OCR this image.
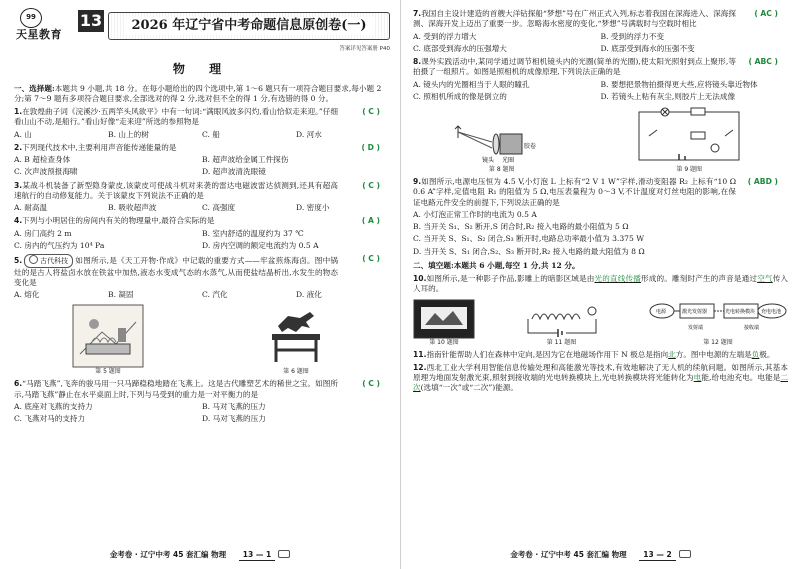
99
天星教育
13	2026 年辽宁省中考命题信息原创卷(一)
答案详见答案册 P40
物 理
一、选择题:本题共 9 小题,共 18 分。在每小题给出的四个选项中,第 1～6 题只有一项符合题目要求,每小题 2 分;第 7～9 题有多项符合题目要求,全部选对的得 2 分,选对但不全的得 1 分,有选错的得 0 分。
1.在敦煌曲子词《浣溪沙·五两竿头风欲平》中有一句词:“满眼风波多闪灼,看山恰似走来迎。”仔细看山山不动,是船行。”看山好像“走来迎”所选的参照物是
( C )
A. 山	B. 山上的树	C. 船	D. 河水
2.下列现代技术中,主要利用声音能传递能量的是	( D )
A. B 超检查身体	B. 超声波给金属工件探伤
C. 次声波预报海啸	D. 超声波清洗眼镜
3.某战斗机装备了新型隐身蒙皮,该蒙皮可使战斗机对来袭的雷达电磁波雷达侦测到,还具有超高速航行的自动修复能力。关于该蒙皮下列说法不正确的是
( C )
A. 耐高温	B. 吸收超声波	C. 高强度	D. 密度小
4.下列与小明居住的房间内有关的物理量中,最符合实际的是	( A )
A. 房门高约 2 m	B. 室内舒适的温度约为 37 ℃
C. 房内的气压约为 10⁴ Pa	D. 房内空调的额定电流约为 0.5 A
5.	古代科技 如图所示,是《天工开物·作成》中记载的重要方式——牢盆煎炼海卤。图中锅灶的是古人将盐卤水放在铁盆中加热,液态水变成气态的水蒸气,从而使盐结晶析出,水发生的物态变化是
( C )
A. 熔化	B. 凝固	C. 汽化	D. 液化
第 5 题图	第 6 题图
6.“马踏飞燕”,飞奔的骏马用一只马蹄稳稳地踏在飞燕上。这是古代雕塑艺术的稀世之宝。如图所示,马踏飞燕”静止在水平桌面上时,下列与马受到的重力是一对平衡力的是
( C )
A. 底座对飞燕的支持力	B. 马对飞燕的压力
C. 飞燕对马的支持力	D. 马对飞燕的压力
金考卷 · 辽宁中考 45 套汇编 物理 13 — 1
7.我国自主设计建造的首艘大洋钻探船“梦想”号在广州正式入列,标志着我国在深海进入、深海探测、深海开发上迈出了重要一步。忽略海水密度的变化,“梦想”号满载时与空载时相比
( AC )
A. 受到的浮力增大	B. 受到的浮力不变
C. 底部受到海水的压强增大	D. 底部受到海水的压强不变
8.课外实践活动中,某同学通过调节相机镜头内的光圈(简单的光圈),使太阳光照射到点上聚形,等拍摄了一组照片。如图是照相机的成像原理,下列说法正确的是
( ABC )
A. 镜头内的光圈相当于人眼的瞳孔	B. 要想把景物拍摄得更大些,应将镜头靠近物体
C. 照相机所成的像是倒立的	D. 若镜头上粘有灰尘,则胶片上无法成像
镜头 光圈
胶卷
第 8 题图	第 9 题图
9.如图所示,电源电压恒为 4.5 V,小灯泡 L 上标有“2 V 1 W”字样,滑动变阻器 R₂ 上标有“10 Ω 0.6 A”字样,定值电阻 R₁ 的阻值为 5 Ω,电压表量程为 0～3 V,不计温度对灯丝电阻的影响,在保证电路元件安全的前提下,下列说法正确的是
( ABD )
A. 小灯泡正常工作时的电流为 0.5 A
B. 当开关 S₁、S₂ 断开,S 闭合时,R₂ 接入电路的最小阻值为 5 Ω
C. 当开关 S、S₁、S₂ 闭合,S₃ 断开时,电路总功率最小值为 3.375 W
D. 当开关 S、S₁ 闭合,S₂、S₃ 断开时,R₂ 接入电路的最大阻值为 8 Ω
二、填空题:本题共 6 小题,每空 1 分,共 12 分。
10.如图所示,是一种影子作品,影雕上的暗影区域是由光的直线传播形成的。雕刻时产生的声音是通过空气传入人耳的。
第 10 题图	第 11 题图
电源	激光发射器
发射端
光电转换模块 充电电池
接收端
第 12 题图
11.指南针能帮助人们在森林中定向,是因为它在地磁场作用下 N 极总是指向北方。图中电源的左端是负极。
12.西北工业大学利用智能信息传输处理和高能激光等技术,有效地解决了无人机的续航问题。如图所示,其基本原理为地面发射激光束,照射到接收端的光电转换模块上,光电转换模块将光能转化为电能,给电池充电。电能是二次(选填“一次”或“二次”)能源。
金考卷 · 辽宁中考 45 套汇编 物理 13 — 2
